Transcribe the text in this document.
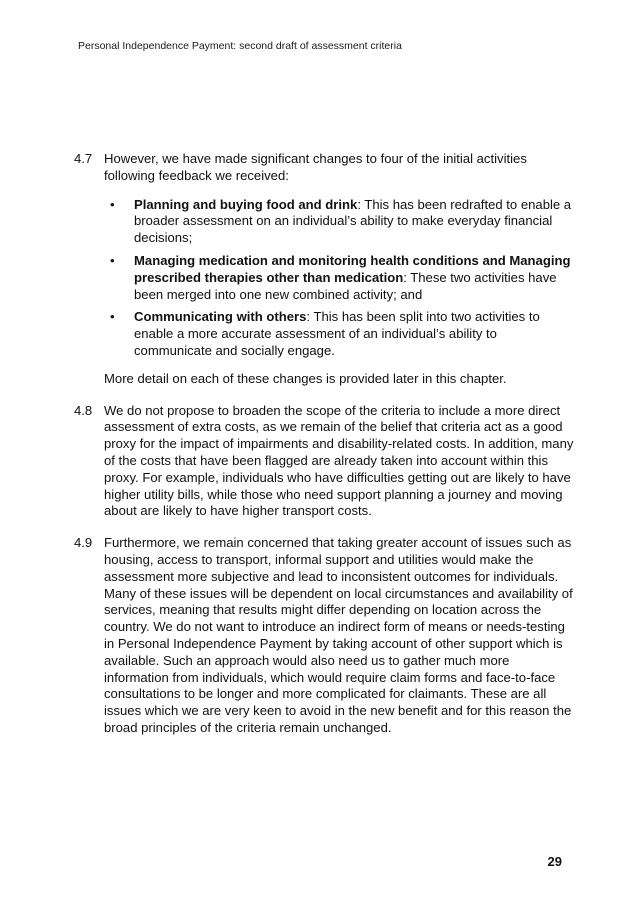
Personal Independence Payment: second draft of assessment criteria
4.7 However, we have made significant changes to four of the initial activities following feedback we received:

•	Planning and buying food and drink: This has been redrafted to enable a broader assessment on an individual’s ability to make everyday financial decisions;
•	Managing medication and monitoring health conditions and Managing prescribed therapies other than medication: These two activities have been merged into one new combined activity; and
•	Communicating with others: This has been split into two activities to enable a more accurate assessment of an individual’s ability to communicate and socially engage.

More detail on each of these changes is provided later in this chapter.

4.8 We do not propose to broaden the scope of the criteria to include a more direct assessment of extra costs, as we remain of the belief that criteria act as a good proxy for the impact of impairments and disability-related costs. In addition, many of the costs that have been flagged are already taken into account within this proxy. For example, individuals who have difficulties getting out are likely to have higher utility bills, while those who need support planning a journey and moving about are likely to have higher transport costs.

4.9 Furthermore, we remain concerned that taking greater account of issues such as housing, access to transport, informal support and utilities would make the assessment more subjective and lead to inconsistent outcomes for individuals. Many of these issues will be dependent on local circumstances and availability of services, meaning that results might differ depending on location across the country. We do not want to introduce an indirect form of means or needs-testing in Personal Independence Payment by taking account of other support which is available. Such an approach would also need us to gather much more information from individuals, which would require claim forms and face-to-face consultations to be longer and more complicated for claimants. These are all issues which we are very keen to avoid in the new benefit and for this reason the broad principles of the criteria remain unchanged.

29
